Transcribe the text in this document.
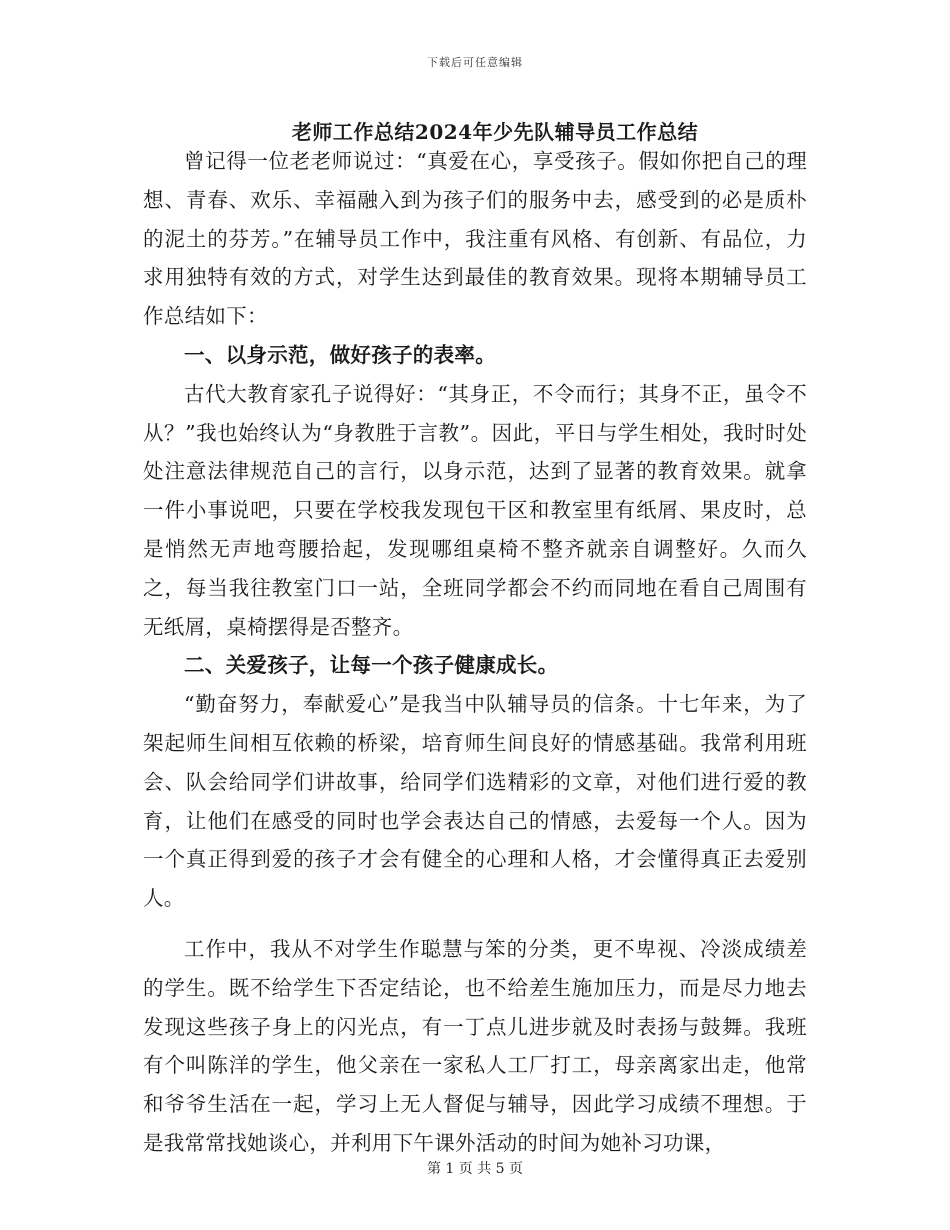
下载后可任意编辑
老师工作总结2024年少先队辅导员工作总结

曾记得一位老老师说过：“真爱在心，享受孩子。假如你把自己的理想、青春、欢乐、幸福融入到为孩子们的服务中去，感受到的必是质朴的泥土的芬芳。”在辅导员工作中，我注重有风格、有创新、有品位，力求用独特有效的方式，对学生达到最佳的教育效果。现将本期辅导员工作总结如下：

一、以身示范，做好孩子的表率。

古代大教育家孔子说得好：“其身正，不令而行；其身不正，虽令不从？”我也始终认为“身教胜于言教”。因此，平日与学生相处，我时时处处注意法律规范自己的言行，以身示范，达到了显著的教育效果。就拿一件小事说吧，只要在学校我发现包干区和教室里有纸屑、果皮时，总是悄然无声地弯腰拾起，发现哪组桌椅不整齐就亲自调整好。久而久之，每当我往教室门口一站，全班同学都会不约而同地在看自己周围有无纸屑，桌椅摆得是否整齐。

二、关爱孩子，让每一个孩子健康成长。

“勤奋努力，奉献爱心”是我当中队辅导员的信条。十七年来，为了架起师生间相互依赖的桥梁，培育师生间良好的情感基础。我常利用班会、队会给同学们讲故事，给同学们选精彩的文章，对他们进行爱的教育，让他们在感受的同时也学会表达自己的情感，去爱每一个人。因为一个真正得到爱的孩子才会有健全的心理和人格，才会懂得真正去爱别人。

工作中，我从不对学生作聪慧与笨的分类，更不卑视、冷淡成绩差的学生。既不给学生下否定结论，也不给差生施加压力，而是尽力地去发现这些孩子身上的闪光点，有一丁点儿进步就及时表扬与鼓舞。我班有个叫陈洋的学生，他父亲在一家私人工厂打工，母亲离家出走，他常和爷爷生活在一起，学习上无人督促与辅导，因此学习成绩不理想。于是我常常找她谈心，并利用下午课外活动的时间为她补习功课，

第 1 页 共 5 页
